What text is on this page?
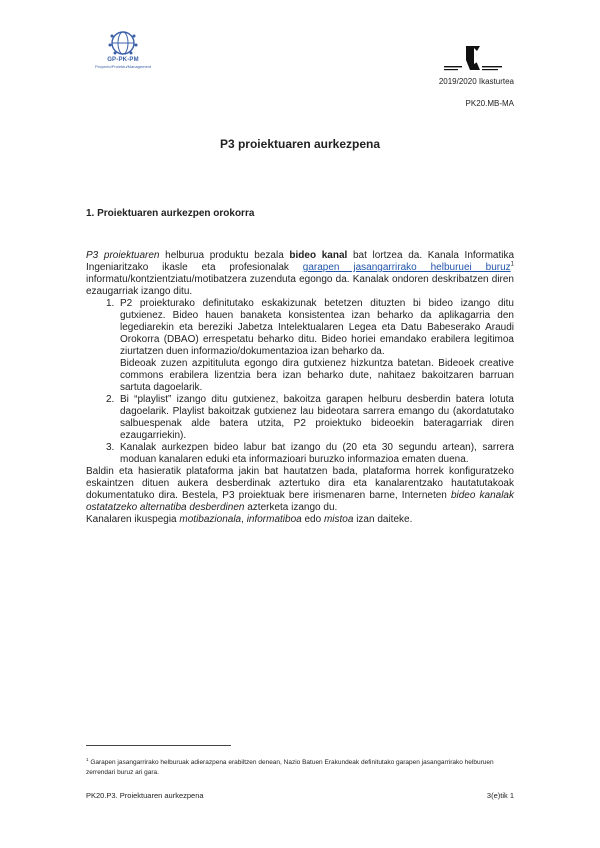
GP-PK-PM
Proyecto/Proiektu/Management
2019/2020 Ikasturtea
PK20.MB-MA
P3 proiektuaren aurkezpena
1. Proiektuaren aurkezpen orokorra

P3 proiektuaren helburua produktu bezala bideo kanal bat lortzea da. Kanala Informatika Ingeniaritzako ikasle eta profesionalak garapen jasangarrirako helburuei buruz$^1$ informatu/kontzientziatu/motibatzera zuzenduta egongo da. Kanalak ondoren deskribatzen diren ezaugarriak izango ditu.

1. P2 proiekturako definitutako eskakizunak betetzen dituzten bi bideo izango ditu gutxienez. Bideo hauen banaketa konsistentea izan beharko da aplikagarria den legediarekin eta bereziki Jabetza Intelektualaren Legea eta Datu Babeserako Araudi Orokorra (DBAO) errespetatu beharko ditu. Bideo horiei emandako erabilera legitimoa ziurtatzen duen informazio/dokumentazioa izan beharko da.
Bideoak zuzen azpitituluta egongo dira gutxienez hizkuntza batetan. Bideoek creative commons erabilera lizentzia bera izan beharko dute, nahitaez bakoitzaren barruan sartuta dagoelarik.
2. Bi “playlist” izango ditu gutxienez, bakoitza garapen helburu desberdin batera lotuta dagoelarik. Playlist bakoitzak gutxienez lau bideotara sarrera emango du (akordatutako salbuespenak alde batera utzita, P2 proiektuko bideoekin bateragarriak diren ezaugarriekin).
3. Kanalak aurkezpen bideo labur bat izango du (20 eta 30 segundu artean), sarrera moduan kanalaren eduki eta informazioari buruzko informazioa ematen duena.

Baldin eta hasieratik plataforma jakin bat hautatzen bada, plataforma horrek konfiguratzeko eskaintzen dituen aukera desberdinak aztertuko dira eta kanalarentzako hautatutakoak dokumentatuko dira. Bestela, P3 proiektuak bere irismenaren barne, Interneten bideo kanalak ostatatzeko alternatiba desberdinen azterketa izango du.

Kanalaren ikuspegia motibazionala, informatiboa edo mistoa izan daiteke.

$^1$ Garapen jasangarrirako helburuak adierazpena erabiltzen denean, Nazio Batuen Erakundeak definitutako garapen jasangarrirako helburuen zerrendari buruz ari gara.
PK20.P3. Proiektuaren aurkezpena	3(e)tik 1
